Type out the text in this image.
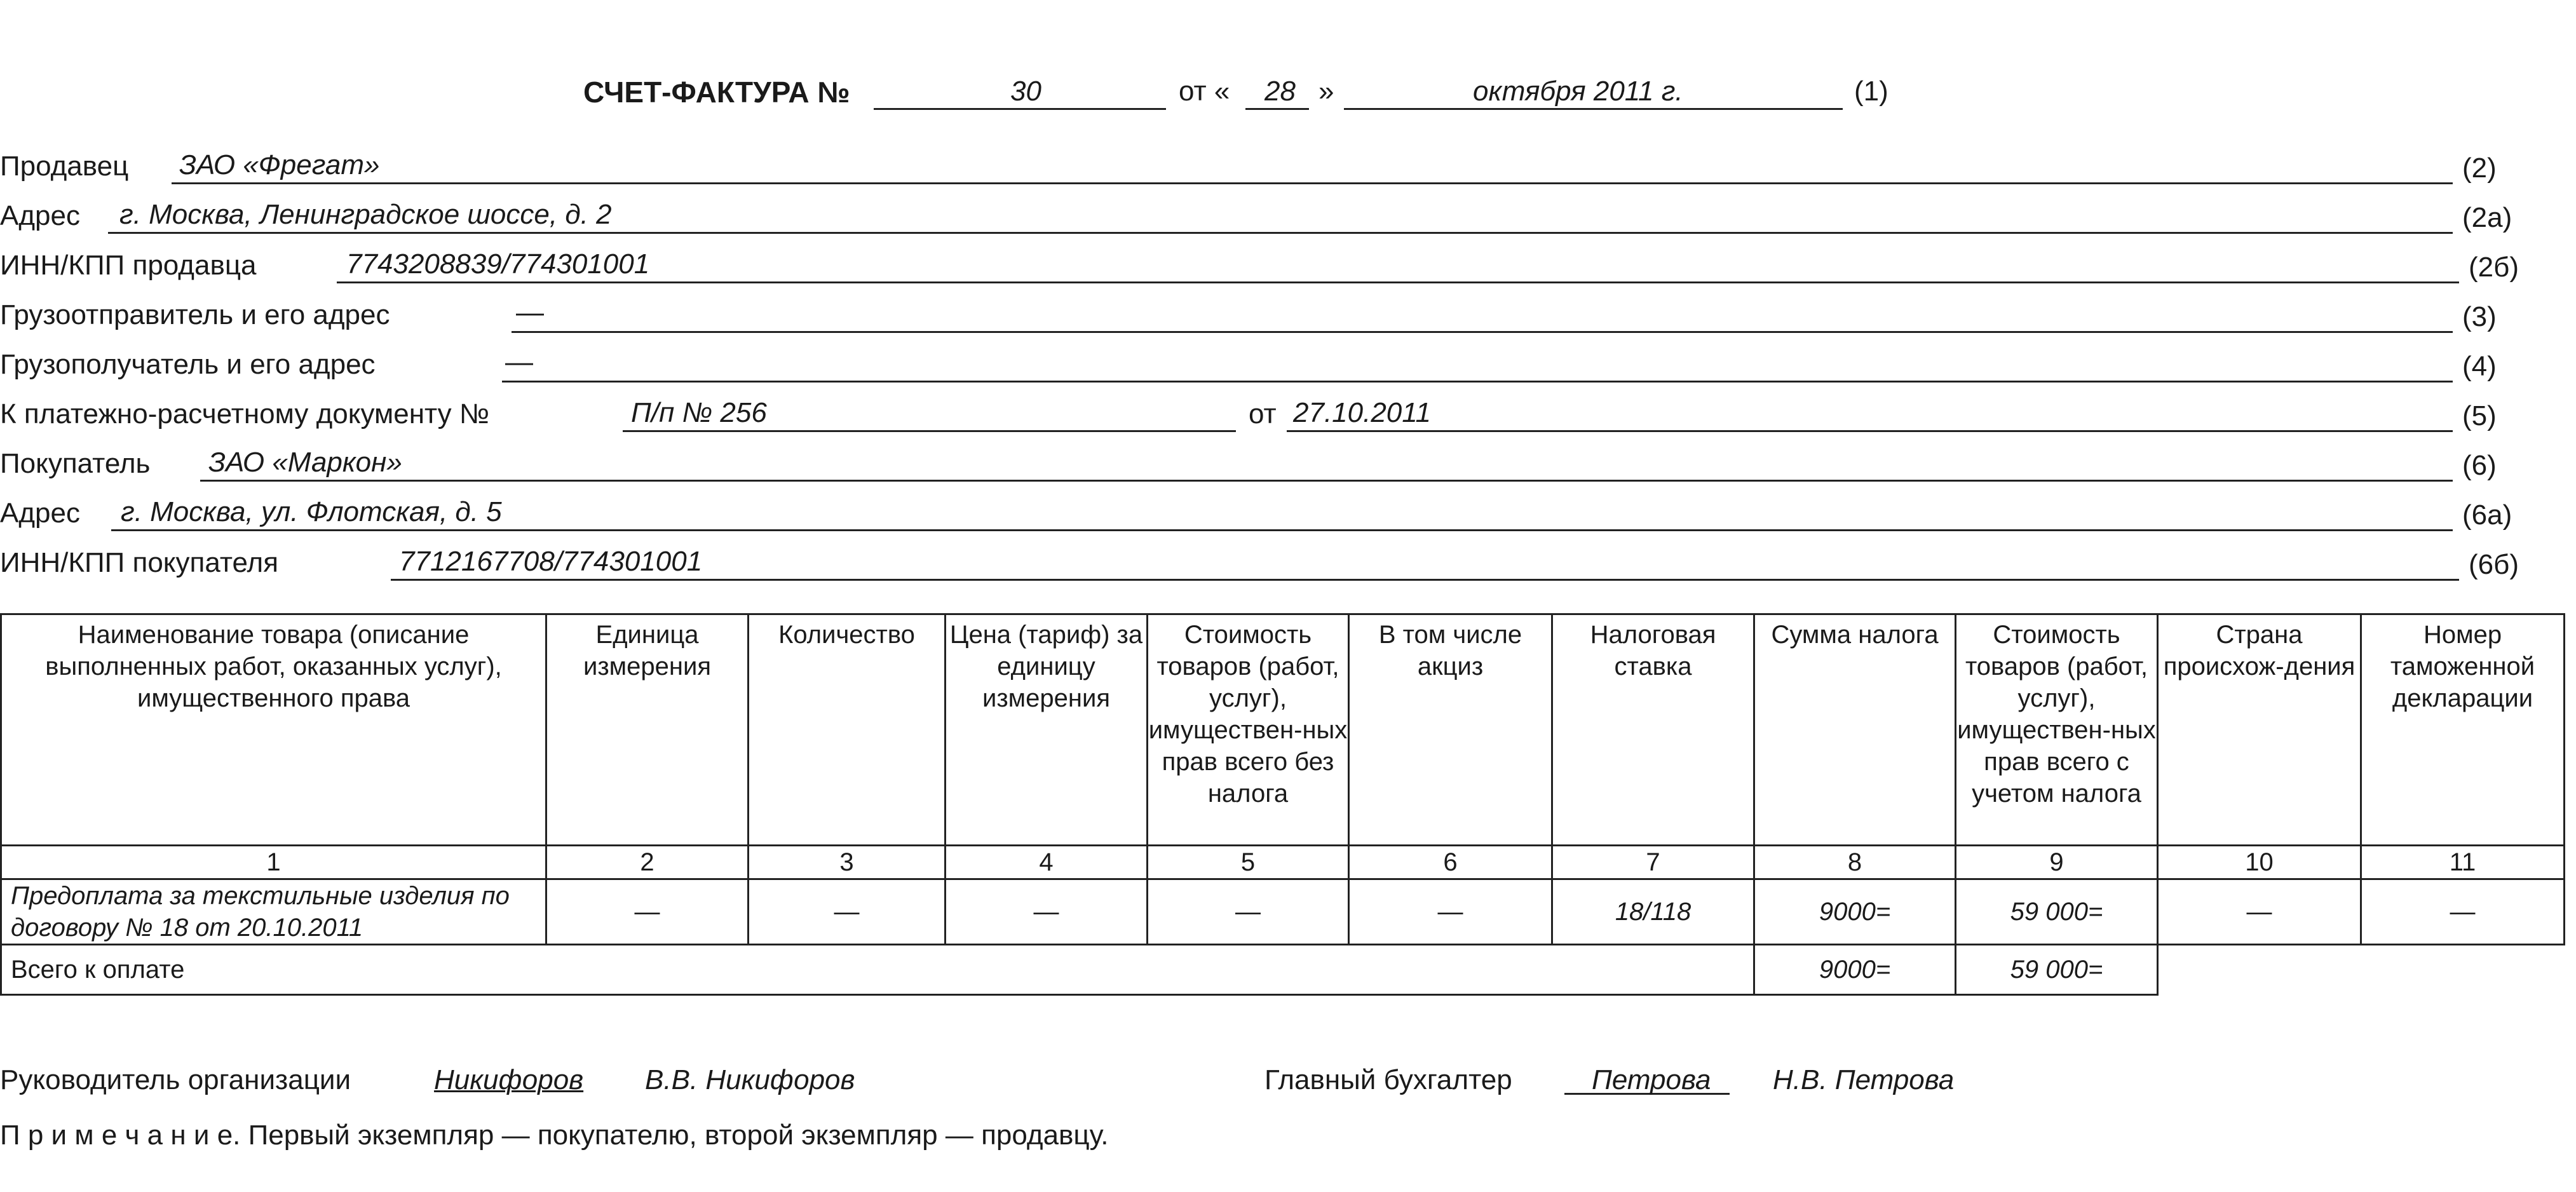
СЧЕТ-ФАКТУРА №	30	от « 28 »	октября 2011 г.	(1)
Продавец ЗАО «Фрегат»	(2)
Адрес г. Москва, Ленинградское шоссе, д. 2	(2а)
ИНН/КПП продавца	7743208839/774301001	(2б)
Грузоотправитель и его адрес	—	(3)
Грузополучатель и его адрес	—	(4)
К платежно-расчетному документу №	П/п № 256	от 27.10.2011	(5)
Покупатель ЗАО «Маркон»	(6)
Адрес г. Москва, ул. Флотская, д. 5	(6а)
ИНН/КПП покупателя	7712167708/774301001	(6б)
Наименование товара (описание выполненных работ, оказанных услуг), имущественного права	Единица измерения	Количество	Цена (тариф) за единицу измерения	Стоимость товаров (работ, услуг), имуществен-ных прав всего без налога	В том числе акциз	Налоговая ставка	Сумма налога	Стоимость товаров (работ, услуг), имуществен-ных прав всего с учетом налога	Страна происхож-дения	Номер таможенной декларации
1	2	3	4	5	6	7	8	9	10	11
Предоплата за текстильные изделия по договору № 18 от 20.10.2011	—	—	—	—	—	18/118	9000=	59 000=	—	—
Всего к оплате							9000=	59 000=		
Руководитель организации	Никифоров В.В. Никифоров	Главный бухгалтер	Петрова Н.В. Петрова
П р и м е ч а н и е. Первый экземпляр — покупателю, второй экземпляр — продавцу.
